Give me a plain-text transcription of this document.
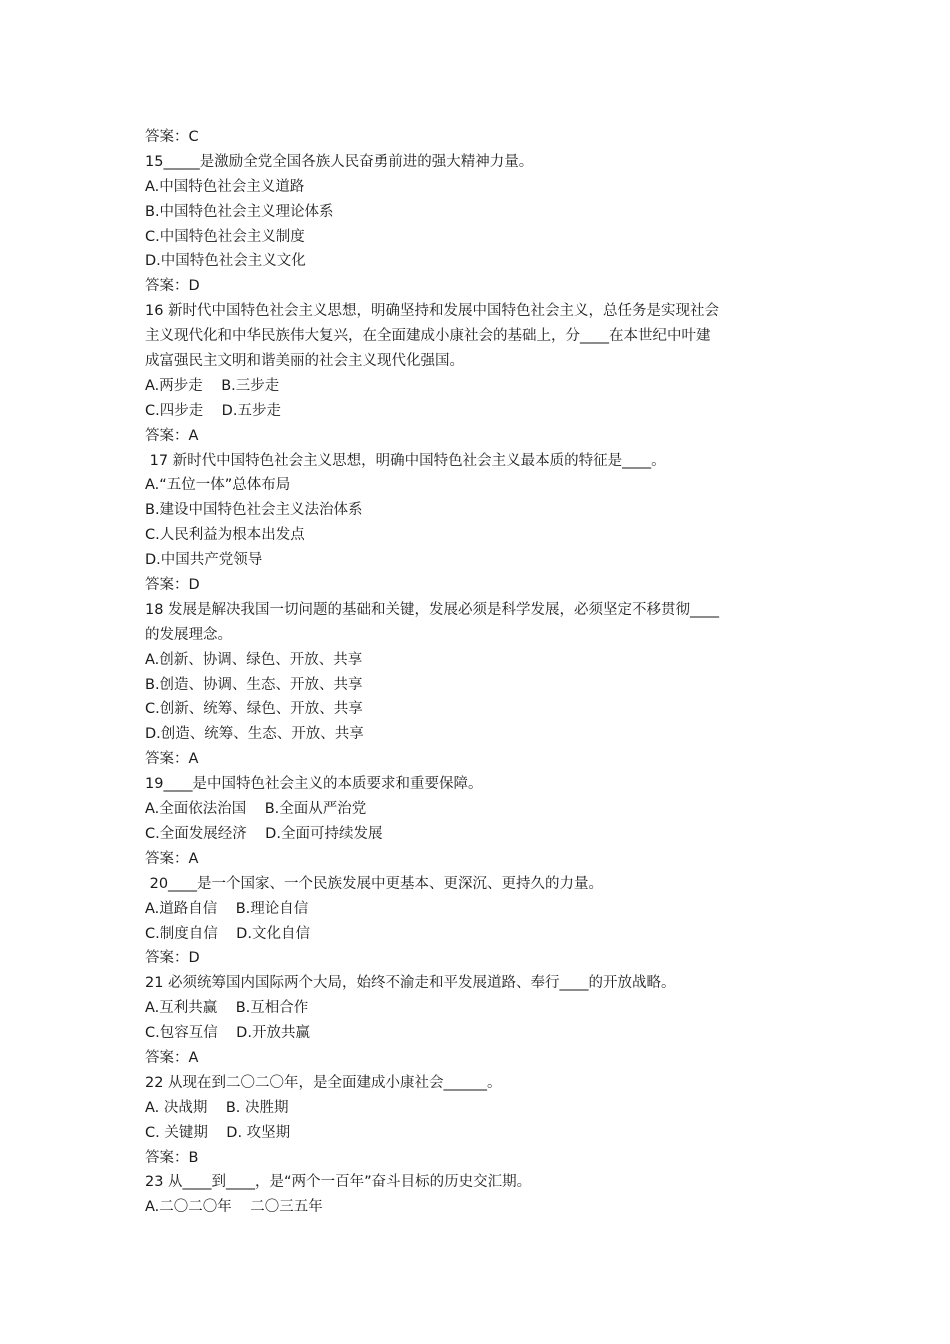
答案：C

15_____是激励全党全国各族人民奋勇前进的强大精神力量。

A.中国特色社会主义道路

B.中国特色社会主义理论体系

C.中国特色社会主义制度

D.中国特色社会主义文化

答案：D

16 新时代中国特色社会主义思想，明确坚持和发展中国特色社会主义，总任务是实现社会

主义现代化和中华民族伟大复兴，在全面建成小康社会的基础上，分____在本世纪中叶建

成富强民主文明和谐美丽的社会主义现代化强国。

A.两步走    B.三步走

C.四步走    D.五步走

答案：A

17 新时代中国特色社会主义思想，明确中国特色社会主义最本质的特征是____。

A.“五位一体”总体布局

B.建设中国特色社会主义法治体系

C.人民利益为根本出发点

D.中国共产党领导

答案：D

18 发展是解决我国一切问题的基础和关键，发展必须是科学发展，必须坚定不移贯彻____

的发展理念。

A.创新、协调、绿色、开放、共享

B.创造、协调、生态、开放、共享

C.创新、统筹、绿色、开放、共享

D.创造、统筹、生态、开放、共享

答案：A

19____是中国特色社会主义的本质要求和重要保障。

A.全面依法治国    B.全面从严治党

C.全面发展经济    D.全面可持续发展

答案：A

20____是一个国家、一个民族发展中更基本、更深沉、更持久的力量。

A.道路自信    B.理论自信

C.制度自信    D.文化自信

答案：D

21 必须统筹国内国际两个大局，始终不渝走和平发展道路、奉行____的开放战略。

A.互利共赢    B.互相合作

C.包容互信    D.开放共赢

答案：A

22 从现在到二〇二〇年，是全面建成小康社会______。

A. 决战期    B. 决胜期

C. 关键期    D. 攻坚期

答案：B

23 从____到____，是“两个一百年”奋斗目标的历史交汇期。

A.二〇二〇年    二〇三五年
